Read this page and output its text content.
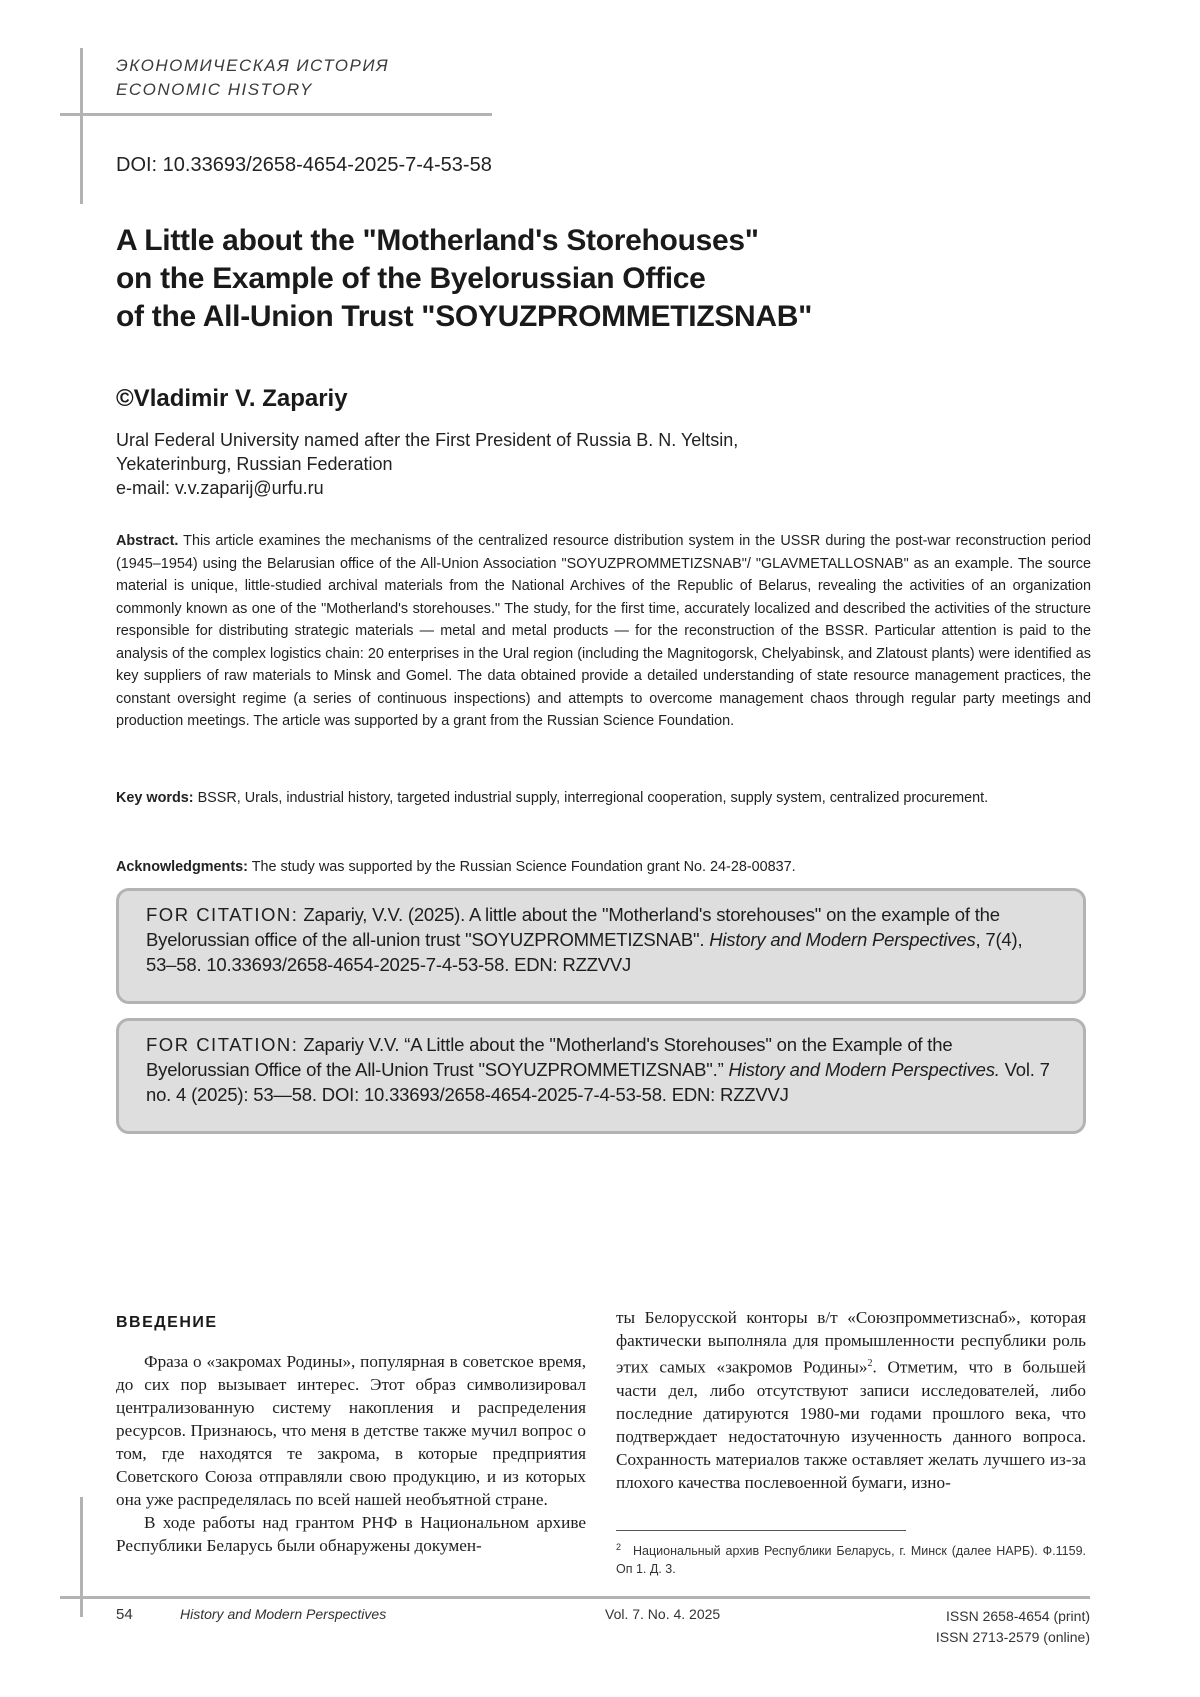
ЭКОНОМИЧЕСКАЯ ИСТОРИЯ
ECONOMIC HISTORY
DOI: 10.33693/2658-4654-2025-7-4-53-58
A Little about the "Motherland's Storehouses"
on the Example of the Byelorussian Office
of the All-Union Trust "SOYUZPROMMETIZSNAB"
©Vladimir V. Zapariy
Ural Federal University named after the First President of Russia B. N. Yeltsin,
Yekaterinburg, Russian Federation
e-mail: v.v.zaparij@urfu.ru
Abstract. This article examines the mechanisms of the centralized resource distribution system in the USSR during the post-war reconstruction period (1945–1954) using the Belarusian office of the All-Union Association "SOYUZPROMMETIZSNAB"/ "GLAVMETALLOSNAB" as an example. The source material is unique, little-studied archival materials from the National Archives of the Republic of Belarus, revealing the activities of an organization commonly known as one of the "Motherland's storehouses." The study, for the first time, accurately localized and described the activities of the structure responsible for distributing strategic materials — metal and metal products — for the reconstruction of the BSSR. Particular attention is paid to the analysis of the complex logistics chain: 20 enterprises in the Ural region (including the Magnitogorsk, Chelyabinsk, and Zlatoust plants) were identified as key suppliers of raw materials to Minsk and Gomel. The data obtained provide a detailed understanding of state resource management practices, the constant oversight regime (a series of continuous inspections) and attempts to overcome management chaos through regular party meetings and production meetings. The article was supported by a grant from the Russian Science Foundation.
Key words: BSSR, Urals, industrial history, targeted industrial supply, interregional cooperation, supply system, centralized procurement.
Acknowledgments: The study was supported by the Russian Science Foundation grant No. 24-28-00837.
FOR CITATION: Zapariy, V.V. (2025). A little about the "Motherland's storehouses" on the example of the Byelorussian office of the all-union trust "SOYUZPROMMETIZSNAB". History and Modern Perspectives, 7(4), 53–58. 10.33693/2658-4654-2025-7-4-53-58. EDN: RZZVVJ
FOR CITATION: Zapariy V.V. “A Little about the "Motherland's Storehouses" on the Example of the Byelorussian Office of the All-Union Trust "SOYUZPROMMETIZSNAB".” History and Modern Perspectives. Vol. 7 no. 4 (2025): 53—58. DOI: 10.33693/2658-4654-2025-7-4-53-58. EDN: RZZVVJ
ВВЕДЕНИЕ

Фраза о «закромах Родины», популярная в советское время, до сих пор вызывает интерес. Этот образ символизировал централизованную систему накопления и распределения ресурсов. Признаюсь, что меня в детстве также мучил вопрос о том, где находятся те закрома, в которые предприятия Советского Союза отправляли свою продукцию, и из которых она уже распределялась по всей нашей необъятной стране.

В ходе работы над грантом РНФ в Национальном архиве Республики Беларусь были обнаружены докумен-

ты Белорусской конторы в/т «Союзпромметизснаб», которая фактически выполняла для промышленности республики роль этих самых «закромов Родины»$^2$. Отметим, что в большей части дел, либо отсутствуют записи исследователей, либо последние датируются 1980-ми годами прошлого века, что подтверждает недостаточную изученность данного вопроса. Сохранность материалов также оставляет желать лучшего из-за плохого качества послевоенной бумаги, изно-

$^2$ Национальный архив Республики Беларусь, г. Минск (далее НАРБ). Ф.1159. Оп 1. Д. 3.
54	History and Modern Perspectives	Vol. 7. No. 4. 2025	ISSN 2658-4654 (print)
ISSN 2713-2579 (online)
